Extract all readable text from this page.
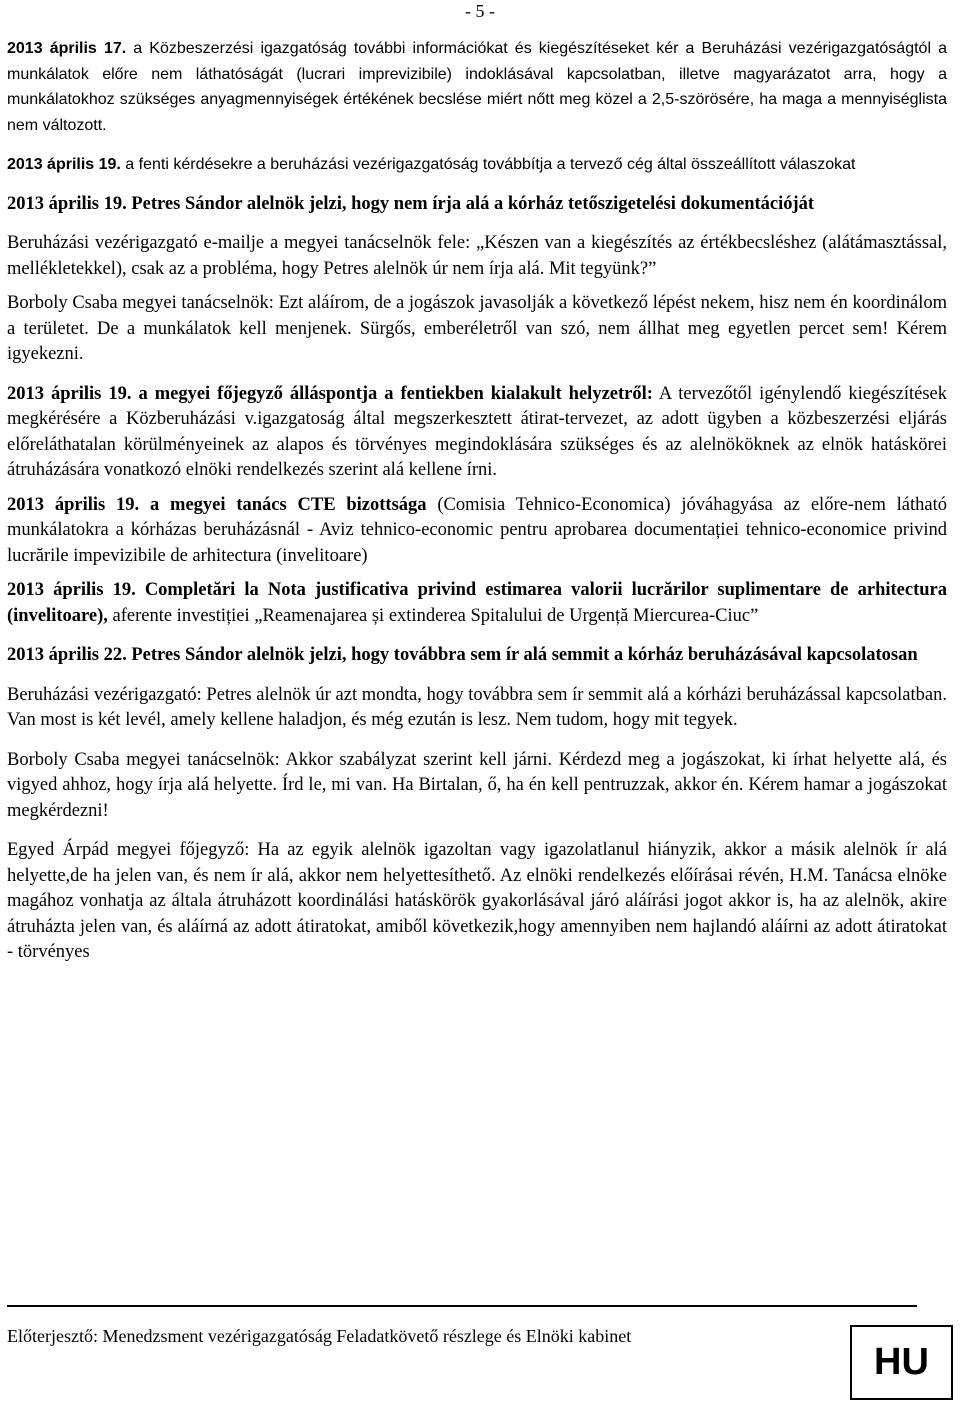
- 5 -

2013 április 17. a Közbeszerzési igazgatóság további információkat és kiegészítéseket kér a Beruházási vezérigazgatóságtól a munkálatok előre nem láthatóságát (lucrari imprevizibile) indoklásával kapcsolatban, illetve magyarázatot arra, hogy a munkálatokhoz szükséges anyagmennyiségek értékének becslése miért nőtt meg közel a 2,5-szörösére, ha maga a mennyiséglista nem változott.

2013 április 19. a fenti kérdésekre a beruházási vezérigazgatóság továbbítja a tervező cég által összeállított válaszokat

2013 április 19. Petres Sándor alelnök jelzi, hogy nem írja alá a kórház tetőszigetelési dokumentációját

Beruházási vezérigazgató e-mailje a megyei tanácselnök fele: „Készen van a kiegészítés az értékbecsléshez (alátámasztással, mellékletekkel), csak az a probléma, hogy Petres alelnök úr nem írja alá. Mit tegyünk?”

Borboly Csaba megyei tanácselnök: Ezt aláírom, de a jogászok javasolják a következő lépést nekem, hisz nem én koordinálom a területet. De a munkálatok kell menjenek. Sürgős, emberéletről van szó, nem állhat meg egyetlen percet sem! Kérem igyekezni.

2013 április 19. a megyei főjegyző álláspontja a fentiekben kialakult helyzetről: A tervezőtől igénylendő kiegészítések megkérésére a Közberuházási v.igazgatoság által megszerkesztett átirat-tervezet, az adott ügyben a közbeszerzési eljárás előreláthatalan körülményeinek az alapos és törvényes megindoklására szükséges és az alelnököknek az elnök hatáskörei átruházására vonatkozó elnöki rendelkezés szerint alá kellene írni.

2013 április 19. a megyei tanács CTE bizottsága (Comisia Tehnico-Economica) jóváhagyása az előre-nem látható munkálatokra a kórházas beruházásnál - Aviz tehnico-economic pentru aprobarea documentației tehnico-economice privind lucrările impevizibile de arhitectura (invelitoare)

2013 április 19. Completări la Nota justificativa privind estimarea valorii lucrărilor suplimentare de arhitectura (invelitoare), aferente investiției „Reamenajarea și extinderea Spitalului de Urgență Miercurea-Ciuc”

2013 április 22. Petres Sándor alelnök jelzi, hogy továbbra sem ír alá semmit a kórház beruházásával kapcsolatosan

Beruházási vezérigazgató: Petres alelnök úr azt mondta, hogy továbbra sem ír semmit alá a kórházi beruházással kapcsolatban. Van most is két levél, amely kellene haladjon, és még ezután is lesz. Nem tudom, hogy mit tegyek.

Borboly Csaba megyei tanácselnök: Akkor szabályzat szerint kell járni. Kérdezd meg a jogászokat, ki írhat helyette alá, és vigyed ahhoz, hogy írja alá helyette. Írd le, mi van. Ha Birtalan, ő, ha én kell pentruzzak, akkor én. Kérem hamar a jogászokat megkérdezni!

Egyed Árpád megyei főjegyző: Ha az egyik alelnök igazoltan vagy igazolatlanul hiányzik, akkor a másik alelnök ír alá helyette,de ha jelen van, és nem ír alá, akkor nem helyettesíthető. Az elnöki rendelkezés előírásai révén, H.M. Tanácsa elnöke magához vonhatja az általa átruházott koordinálási hatáskörök gyakorlásával járó aláírási jogot akkor is, ha az alelnök, akire átruházta jelen van, és aláírná az adott átiratokat, amiből következik,hogy amennyiben nem hajlandó aláírni az adott átiratokat - törvényes

Előterjesztő: Menedzsment vezérigazgatóság Feladatkövető részlege és Elnöki kabinet
HU
